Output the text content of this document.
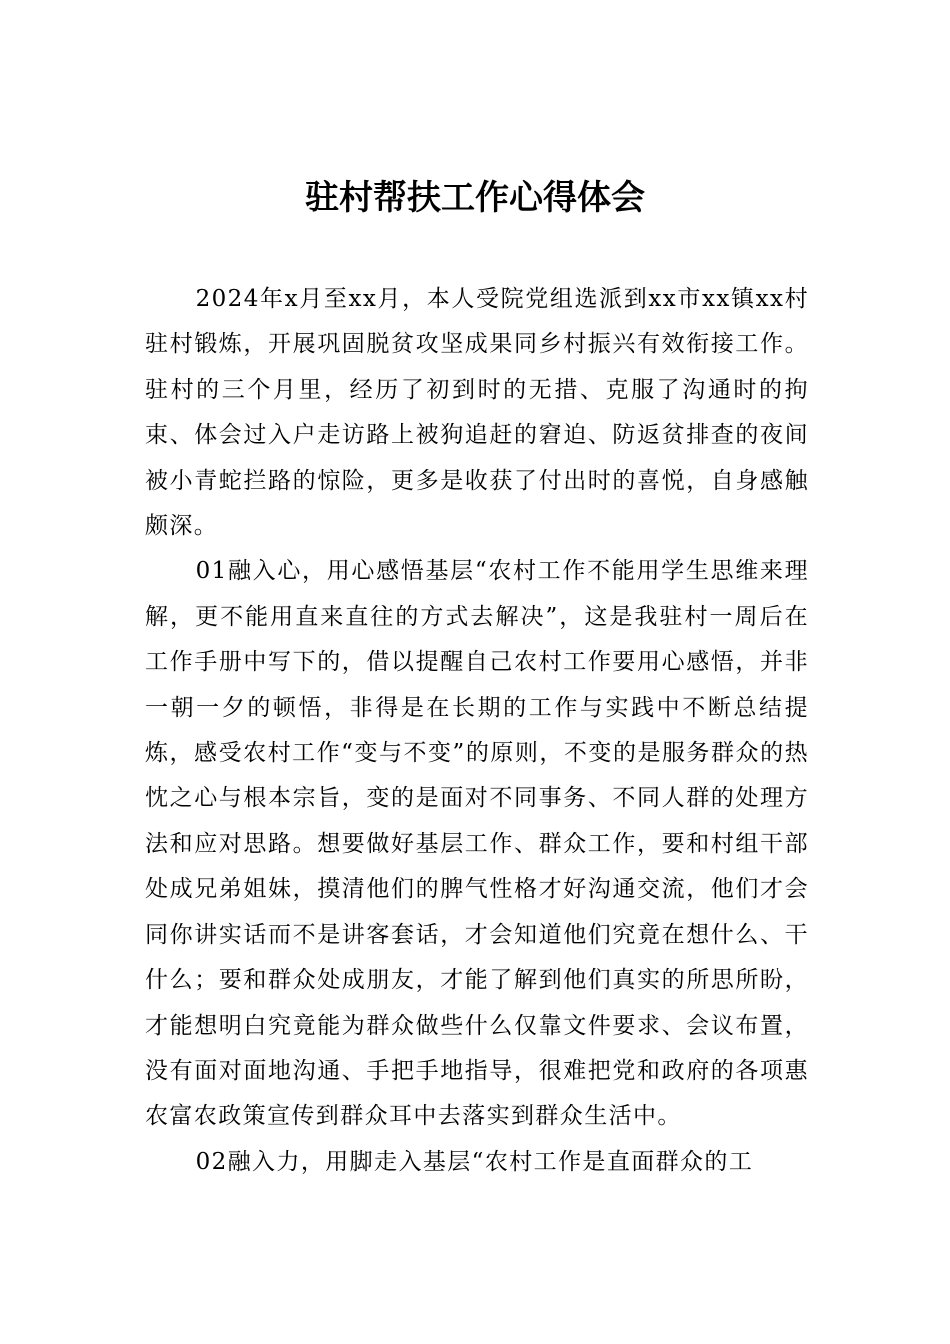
驻村帮扶工作心得体会

2024年x月至xx月，本人受院党组选派到xx市xx镇xx村驻村锻炼，开展巩固脱贫攻坚成果同乡村振兴有效衔接工作。驻村的三个月里，经历了初到时的无措、克服了沟通时的拘束、体会过入户走访路上被狗追赶的窘迫、防返贫排查的夜间被小青蛇拦路的惊险，更多是收获了付出时的喜悦，自身感触颇深。

01融入心，用心感悟基层“农村工作不能用学生思维来理解，更不能用直来直往的方式去解决”，这是我驻村一周后在工作手册中写下的，借以提醒自己农村工作要用心感悟，并非一朝一夕的顿悟，非得是在长期的工作与实践中不断总结提炼，感受农村工作“变与不变”的原则，不变的是服务群众的热忱之心与根本宗旨，变的是面对不同事务、不同人群的处理方法和应对思路。想要做好基层工作、群众工作，要和村组干部处成兄弟姐妹，摸清他们的脾气性格才好沟通交流，他们才会同你讲实话而不是讲客套话，才会知道他们究竟在想什么、干什么；要和群众处成朋友，才能了解到他们真实的所思所盼，才能想明白究竟能为群众做些什么仅靠文件要求、会议布置，没有面对面地沟通、手把手地指导，很难把党和政府的各项惠农富农政策宣传到群众耳中去落实到群众生活中。

02融入力，用脚走入基层“农村工作是直面群众的工
